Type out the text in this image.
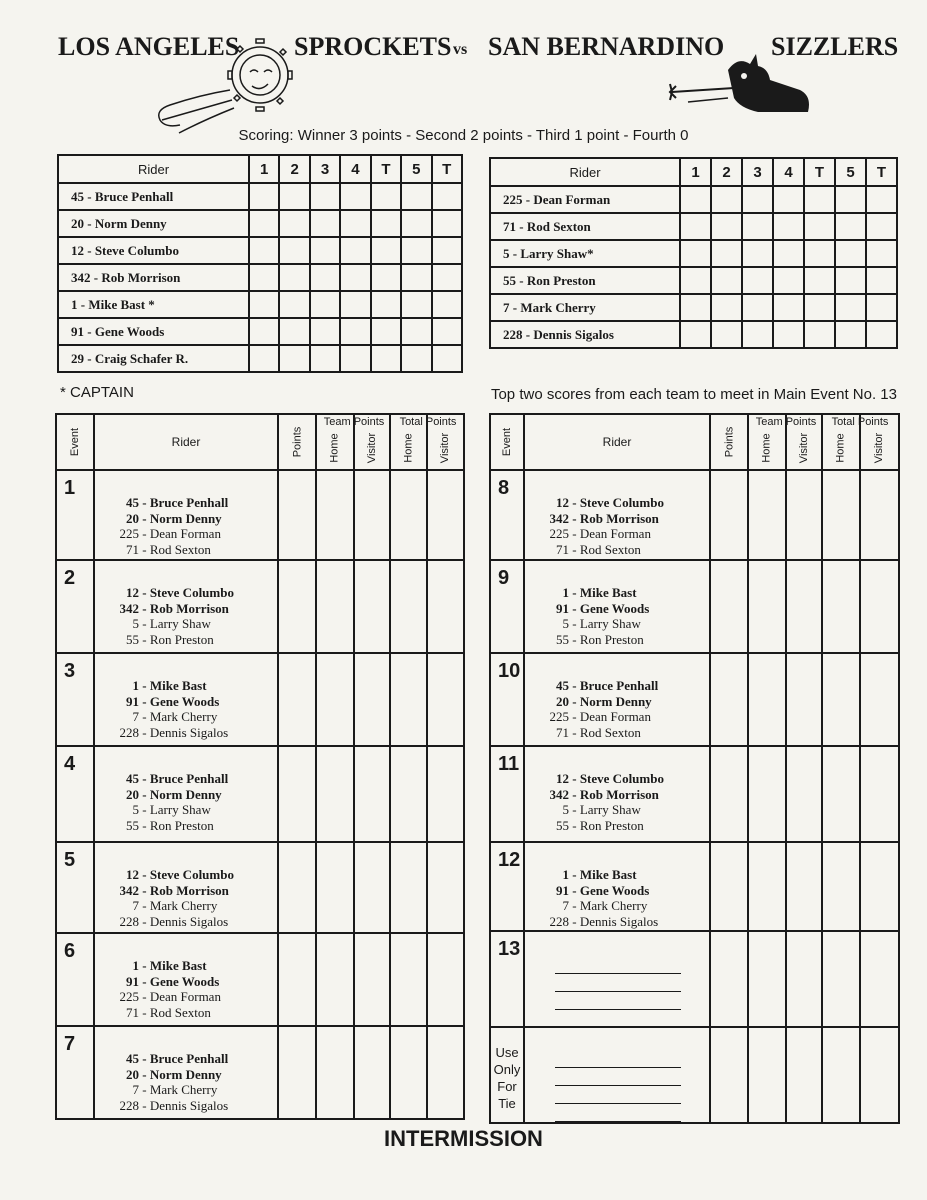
LOS ANGELES SPROCKETS vs SAN BERNARDINO SIZZLERS
Scoring: Winner 3 points - Second 2 points - Third 1 point - Fourth 0
Rider	1	2	3	4	T	5	T
45 - Bruce Penhall							
20 - Norm Denny							
12 - Steve Columbo							
342 - Rob Morrison							
1 - Mike Bast *							
91 - Gene Woods							
29 - Craig Schafer R.							
Rider	1	2	3	4	T	5	T
225 - Dean Forman							
71 - Rod Sexton							
5 - Larry Shaw*							
55 - Ron Preston							
7 - Mark Cherry							
228 - Dennis Sigalos							
* CAPTAIN	Top two scores from each team to meet in Main Event No. 13
Event	Rider	Points	Team Points
Home	Visitor	Total Points
Home	Visitor
1	45 - Bruce Penhall
20 - Norm Denny
225 - Dean Forman
71 - Rod Sexton					

2	12 - Steve Columbo
342 - Rob Morrison
5 - Larry Shaw
55 - Ron Preston					

3	1 - Mike Bast
91 - Gene Woods
7 - Mark Cherry
228 - Dennis Sigalos					

4	45 - Bruce Penhall
20 - Norm Denny
5 - Larry Shaw
55 - Ron Preston					

5	12 - Steve Columbo
342 - Rob Morrison
7 - Mark Cherry
228 - Dennis Sigalos					

6	1 - Mike Bast
91 - Gene Woods
225 - Dean Forman
71 - Rod Sexton					

7	45 - Bruce Penhall
20 - Norm Denny
7 - Mark Cherry
228 - Dennis Sigalos					

Event	Rider	Points	Team Points
Home	Visitor	Total Points
Home	Visitor
8	12 - Steve Columbo
342 - Rob Morrison
225 - Dean Forman
71 - Rod Sexton					

9	1 - Mike Bast
91 - Gene Woods
5 - Larry Shaw
55 - Ron Preston					

10	45 - Bruce Penhall
20 - Norm Denny
225 - Dean Forman
71 - Rod Sexton					

11	12 - Steve Columbo
342 - Rob Morrison
5 - Larry Shaw
55 - Ron Preston					

12	1 - Mike Bast
91 - Gene Woods
7 - Mark Cherry
228 - Dennis Sigalos					

13	

Use
Only
For
Tie						

INTERMISSION
